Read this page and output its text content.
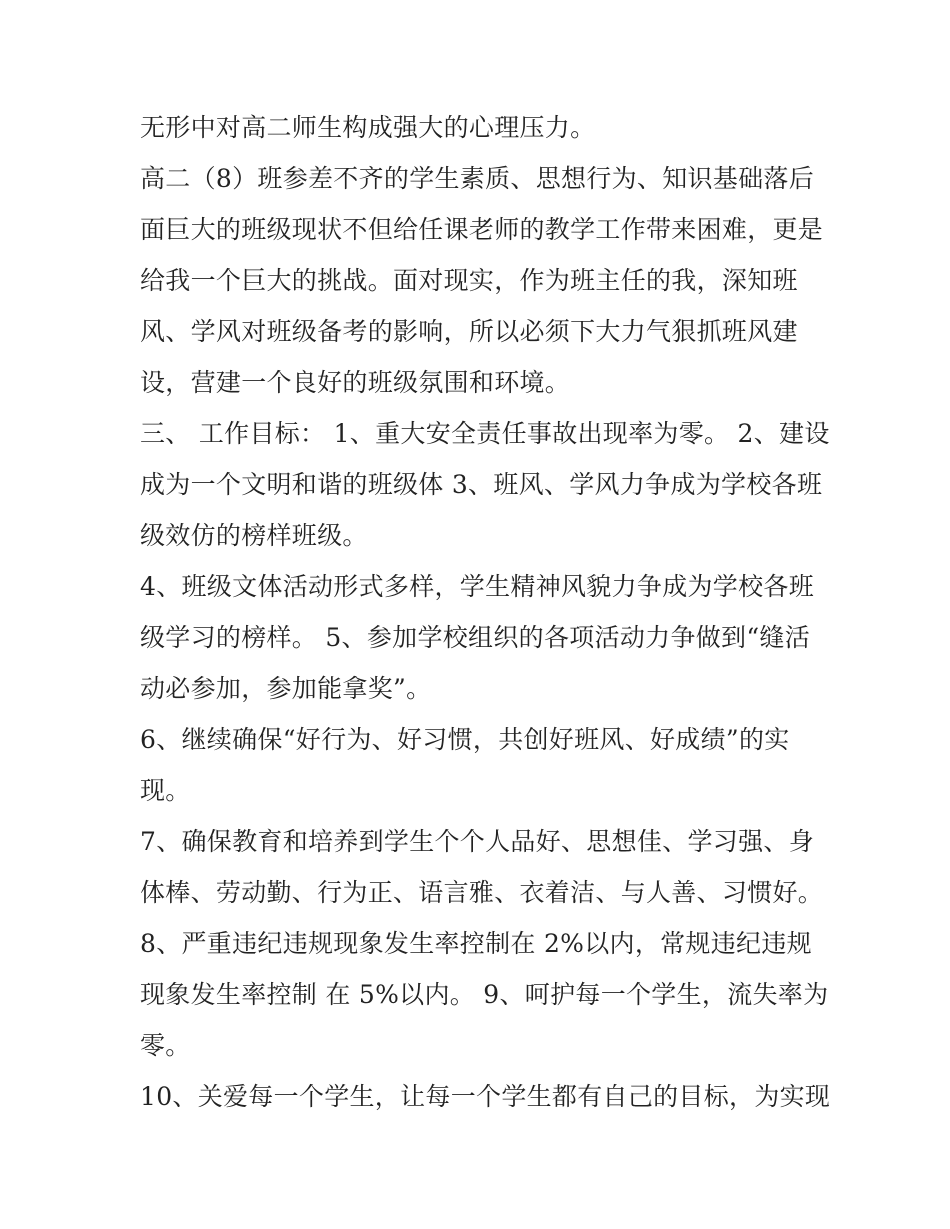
无形中对高二师生构成强大的心理压力。
高二（8）班参差不齐的学生素质、思想行为、知识基础落后
面巨大的班级现状不但给任课老师的教学工作带来困难，更是
给我一个巨大的挑战。面对现实，作为班主任的我，深知班
风、学风对班级备考的影响，所以必须下大力气狠抓班风建
设，营建一个良好的班级氛围和环境。
三、 工作目标： 1、重大安全责任事故出现率为零。 2、建设
成为一个文明和谐的班级体 3、班风、学风力争成为学校各班
级效仿的榜样班级。
4、班级文体活动形式多样，学生精神风貌力争成为学校各班
级学习的榜样。 5、参加学校组织的各项活动力争做到“缝活
动必参加，参加能拿奖”。
6、继续确保“好行为、好习惯，共创好班风、好成绩”的实
现。
7、确保教育和培养到学生个个人品好、思想佳、学习强、身
体棒、劳动勤、行为正、语言雅、衣着洁、与人善、习惯好。
8、严重违纪违规现象发生率控制在 2%以内，常规违纪违规
现象发生率控制 在 5%以内。 9、呵护每一个学生，流失率为
零。
10、关爱每一个学生，让每一个学生都有自己的目标，为实现
